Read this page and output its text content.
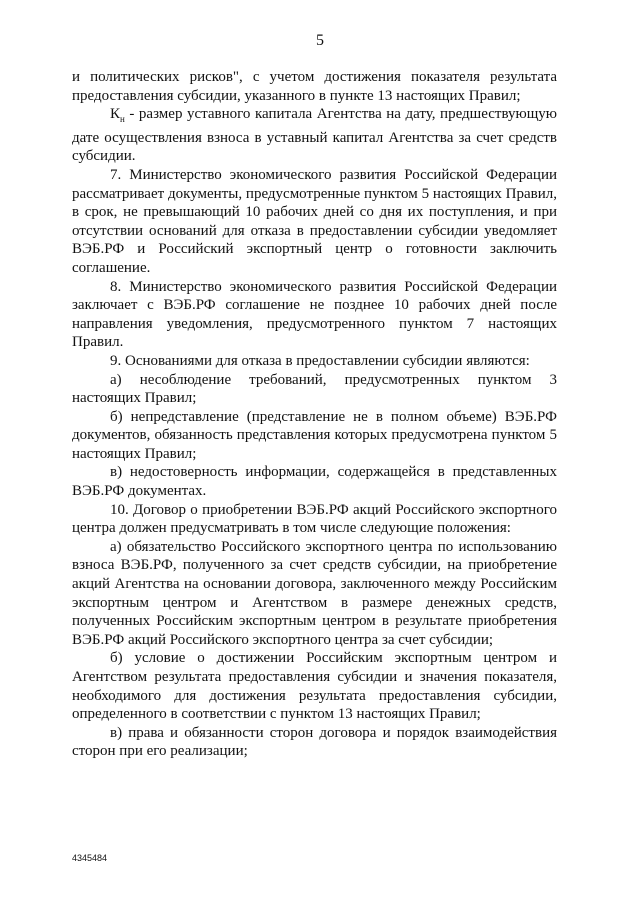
5

и политических рисков", с учетом достижения показателя результата предоставления субсидии, указанного в пункте 13 настоящих Правил;

$К_н$ - размер уставного капитала Агентства на дату, предшествующую дате осуществления взноса в уставный капитал Агентства за счет средств субсидии.

7. Министерство экономического развития Российской Федерации рассматривает документы, предусмотренные пунктом 5 настоящих Правил, в срок, не превышающий 10 рабочих дней со дня их поступления, и при отсутствии оснований для отказа в предоставлении субсидии уведомляет ВЭБ.РФ и Российский экспортный центр о готовности заключить соглашение.

8. Министерство экономического развития Российской Федерации заключает с ВЭБ.РФ соглашение не позднее 10 рабочих дней после направления уведомления, предусмотренного пунктом 7 настоящих Правил.

9. Основаниями для отказа в предоставлении субсидии являются:

а) несоблюдение требований, предусмотренных пунктом 3 настоящих Правил;

б) непредставление (представление не в полном объеме) ВЭБ.РФ документов, обязанность представления которых предусмотрена пунктом 5 настоящих Правил;

в) недостоверность информации, содержащейся в представленных ВЭБ.РФ документах.

10. Договор о приобретении ВЭБ.РФ акций Российского экспортного центра должен предусматривать в том числе следующие положения:

а) обязательство Российского экспортного центра по использованию взноса ВЭБ.РФ, полученного за счет средств субсидии, на приобретение акций Агентства на основании договора, заключенного между Российским экспортным центром и Агентством в размере денежных средств, полученных Российским экспортным центром в результате приобретения ВЭБ.РФ акций Российского экспортного центра за счет субсидии;

б) условие о достижении Российским экспортным центром и Агентством результата предоставления субсидии и значения показателя, необходимого для достижения результата предоставления субсидии, определенного в соответствии с пунктом 13 настоящих Правил;

в) права и обязанности сторон договора и порядок взаимодействия сторон при его реализации;

4345484
